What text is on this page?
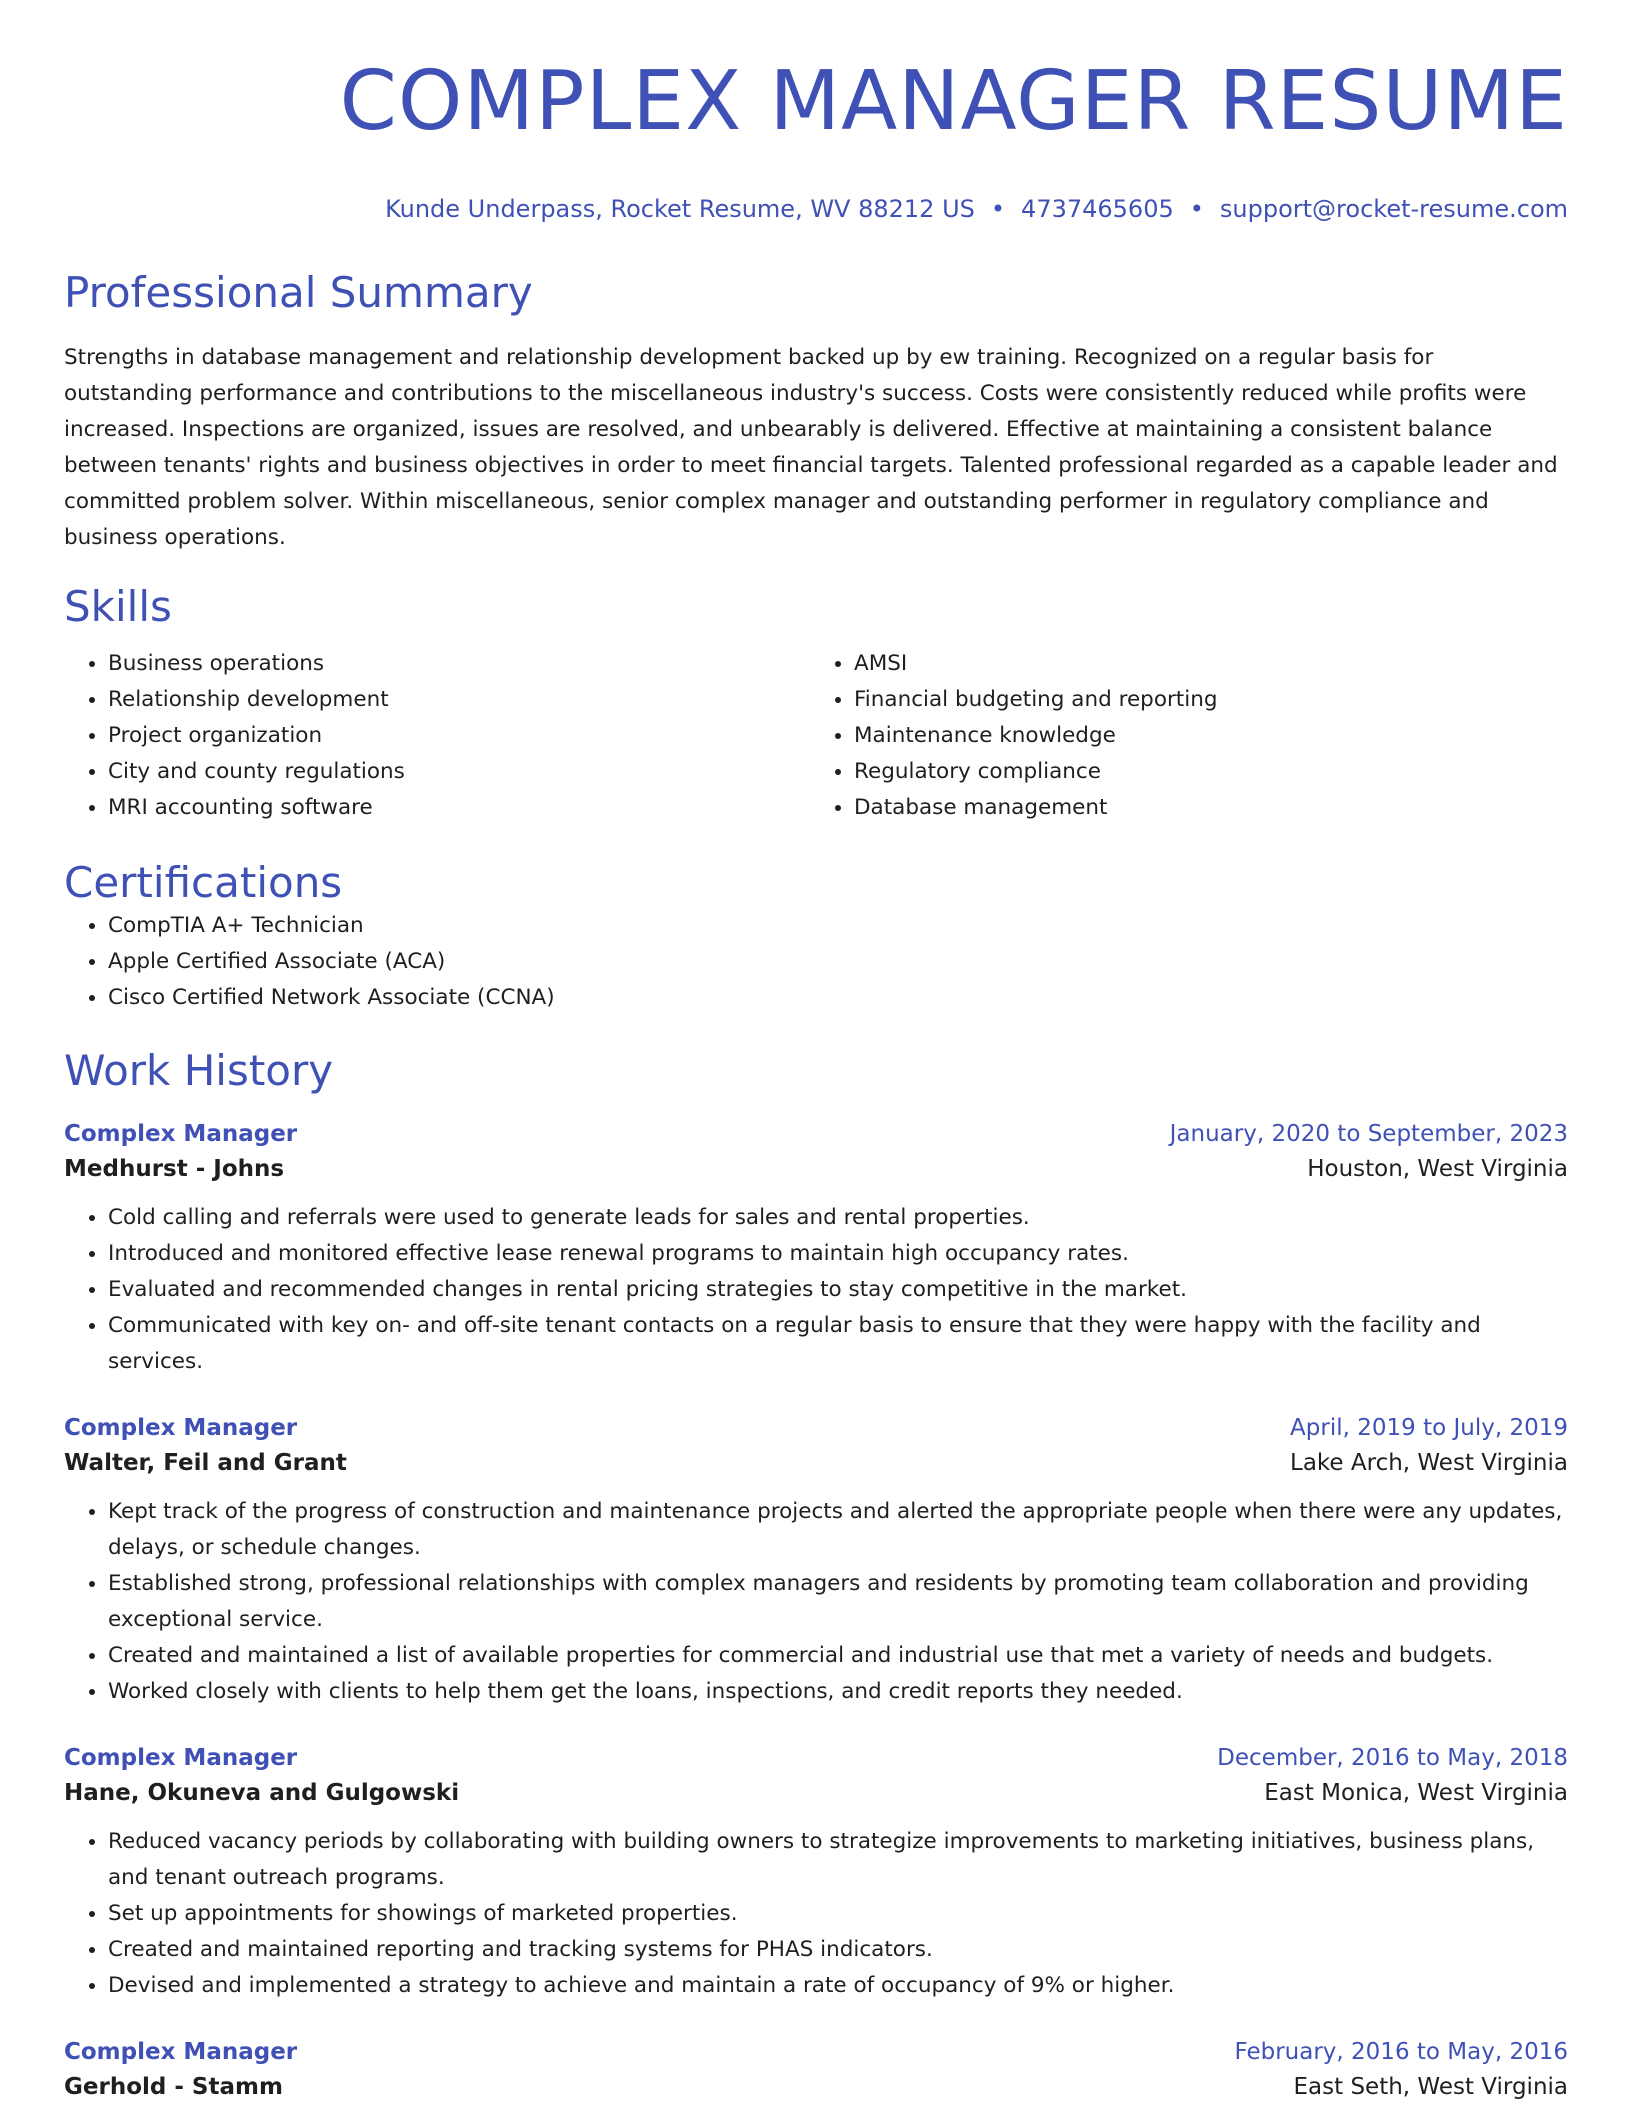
COMPLEX MANAGER RESUME
Kunde Underpass, Rocket Resume, WV 88212 US • 4737465605 • support@rocket-resume.com
Professional Summary
Strengths in database management and relationship development backed up by ew training. Recognized on a regular basis for outstanding performance and contributions to the miscellaneous industry's success. Costs were consistently reduced while profits were increased. Inspections are organized, issues are resolved, and unbearably is delivered. Effective at maintaining a consistent balance between tenants' rights and business objectives in order to meet financial targets. Talented professional regarded as a capable leader and committed problem solver. Within miscellaneous, senior complex manager and outstanding performer in regulatory compliance and business operations.
Skills
• Business operations
• Relationship development
• Project organization
• City and county regulations
• MRI accounting software
• AMSI
• Financial budgeting and reporting
• Maintenance knowledge
• Regulatory compliance
• Database management
Certifications
• CompTIA A+ Technician
• Apple Certified Associate (ACA)
• Cisco Certified Network Associate (CCNA)
Work History
Complex Manager	January, 2020 to September, 2023
Medhurst - Johns	Houston, West Virginia
• Cold calling and referrals were used to generate leads for sales and rental properties.
• Introduced and monitored effective lease renewal programs to maintain high occupancy rates.
• Evaluated and recommended changes in rental pricing strategies to stay competitive in the market.
• Communicated with key on- and off-site tenant contacts on a regular basis to ensure that they were happy with the facility and services.
Complex Manager	April, 2019 to July, 2019
Walter, Feil and Grant	Lake Arch, West Virginia
• Kept track of the progress of construction and maintenance projects and alerted the appropriate people when there were any updates, delays, or schedule changes.
• Established strong, professional relationships with complex managers and residents by promoting team collaboration and providing exceptional service.
• Created and maintained a list of available properties for commercial and industrial use that met a variety of needs and budgets.
• Worked closely with clients to help them get the loans, inspections, and credit reports they needed.
Complex Manager	December, 2016 to May, 2018
Hane, Okuneva and Gulgowski	East Monica, West Virginia
• Reduced vacancy periods by collaborating with building owners to strategize improvements to marketing initiatives, business plans, and tenant outreach programs.
• Set up appointments for showings of marketed properties.
• Created and maintained reporting and tracking systems for PHAS indicators.
• Devised and implemented a strategy to achieve and maintain a rate of occupancy of 9% or higher.
Complex Manager	February, 2016 to May, 2016
Gerhold - Stamm	East Seth, West Virginia
